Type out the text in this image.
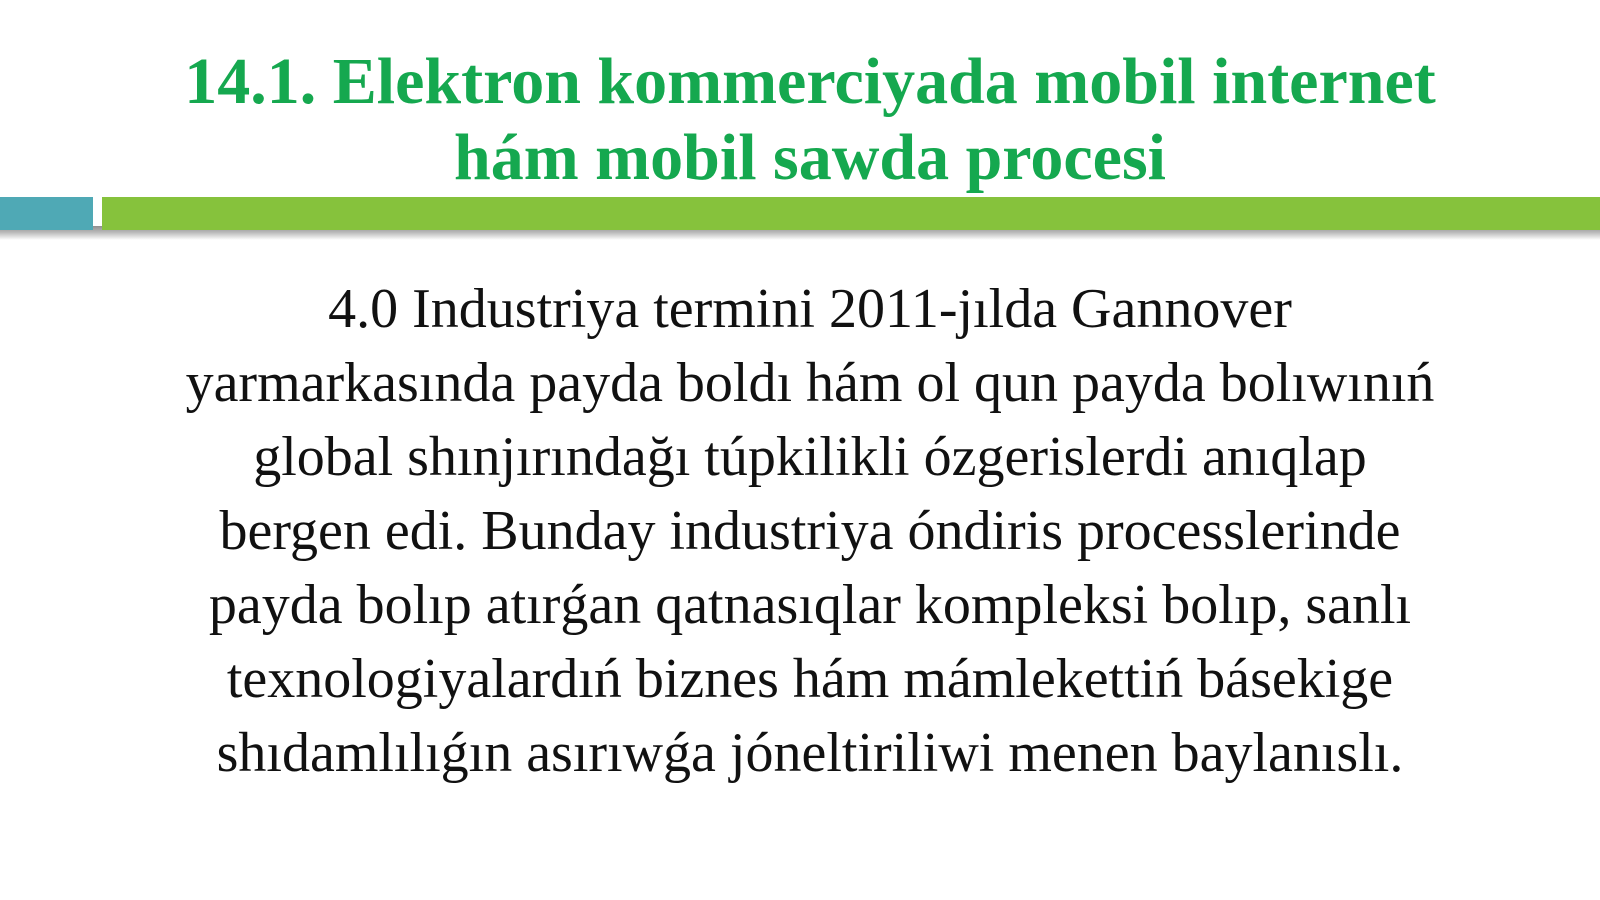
14.1. Elektron kommerciyada mobil internet
hám mobil sawda procesi
4.0 Industriya termini 2011-jılda Gannover
yarmarkasında payda boldı hám ol qun payda bolıwınıń
global shınjırındağı túpkilikli ózgerislerdi anıqlap
bergen edi. Bunday industriya óndiris processlerinde
payda bolıp atırǵan qatnasıqlar kompleksi bolıp, sanlı
texnologiyalardıń biznes hám mámlekettiń básekige
shıdamlılıǵın asırıwǵa jóneltiriliwi menen baylanıslı.
